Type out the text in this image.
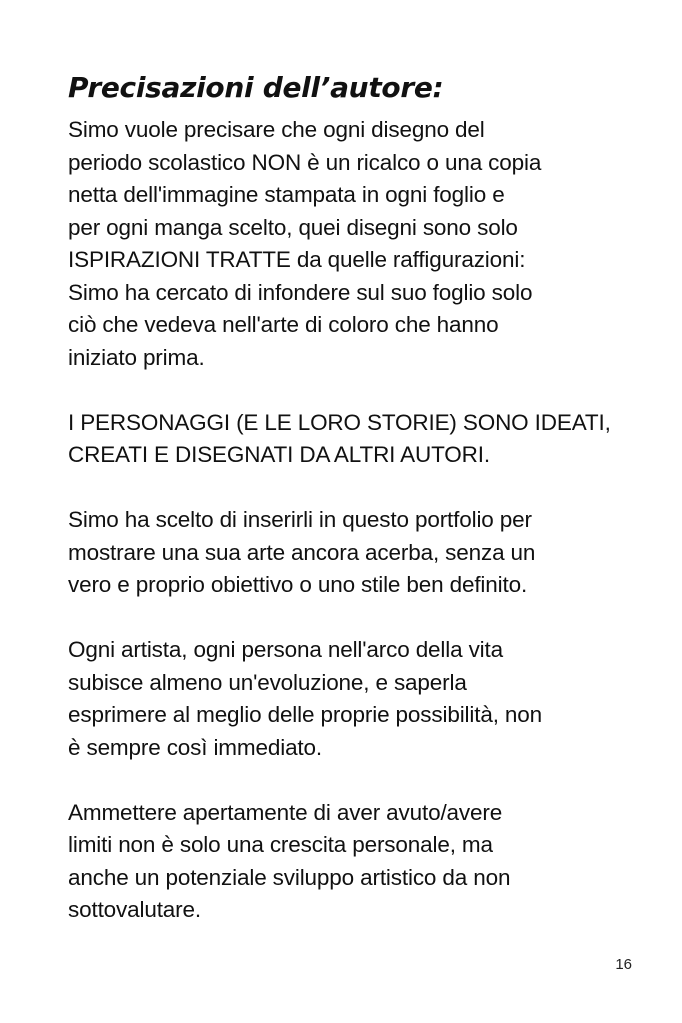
Precisazioni dell’autore:

Simo vuole precisare che ogni disegno del
periodo scolastico NON è un ricalco o una copia
netta dell'immagine stampata in ogni foglio e
per ogni manga scelto, quei disegni sono solo
ISPIRAZIONI TRATTE da quelle raffigurazioni:
Simo ha cercato di infondere sul suo foglio solo
ciò che vedeva nell'arte di coloro che hanno
iniziato prima.

I PERSONAGGI (E LE LORO STORIE) SONO IDEATI,
CREATI E DISEGNATI DA ALTRI AUTORI.

Simo ha scelto di inserirli in questo portfolio per
mostrare una sua arte ancora acerba, senza un
vero e proprio obiettivo o uno stile ben definito.

Ogni artista, ogni persona nell'arco della vita
subisce almeno un'evoluzione, e saperla
esprimere al meglio delle proprie possibilità, non
è sempre così immediato.

Ammettere apertamente di aver avuto/avere
limiti non è solo una crescita personale, ma
anche un potenziale sviluppo artistico da non
sottovalutare.

16
